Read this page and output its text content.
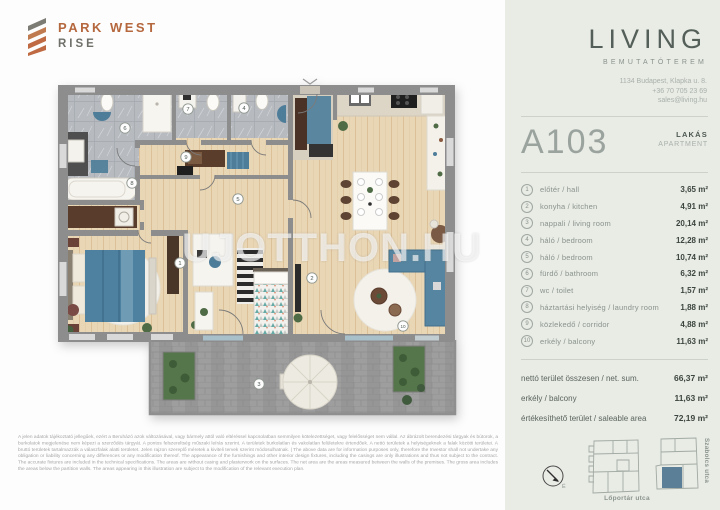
PARK WEST
RISE
1
2
3
4
5
6
7
8
9
10
UJOTTHON.HU

A jelen adatok tájékoztató jellegűek, ezért a Beruházó azok változásával, vagy bármely attól való eltéréssel kapcsolatban semmilyen kötelezettséget, vagy felelősséget nem vállal. Az ábrázolt berendezési tárgyak és bútorok, a burkolatok megjelenése nem képezi a szerződés tárgyát. A pontos felszereltség műszaki leírás szerint. A területek burkolatlan és vakolatlan felületekre értendőek. A nettó területek a helyiségeknek a falak közötti területei. A bruttó területek tartalmazzák a válaszfalak alatti területet. Jelen rajzon szereplő méretek a kiviteli tervek szerint módosulhatnak. | The above data are for information purposes only, therefore the Investor shall not undertake any obligation or liability concerning any differences or any modification thereof. The appearance of the furnishings and other interior design fixtures, including the casings are only illustrations and thus not subject to the contract. The accurate fixtures are included in the technical specifications. The areas are without casing and plasterwork on the surfaces. The net area are the areas measured between the walls of the premises. The gross area includes the areas below the partition walls. The areas appearing in this illustration are subject to the modification of the relevant execution plan.

LIVING
BEMUTATÓTEREM
1134 Budapest, Klapka u. 8.
+36 70 705 23 69
sales@living.hu
A103	LAKÁS
APARTMENT
1	előtér / hall	3,65 m²
2	konyha / kitchen	4,91 m²
3	nappali / living room	20,14 m²
4	háló / bedroom	12,28 m²
5	háló / bedroom	10,74 m²
6	fürdő / bathroom	6,32 m²
7	wc / toilet	1,57 m²
8	háztartási helyiség / laundry room	1,88 m²
9	közlekedő / corridor	4,88 m²
10	erkély / balcony	11,63 m²
nettó terület összesen / net. sum.	66,37 m²
erkély / balcony	11,63 m²
értékesíthető terület / saleable area	72,19 m²
É
Szabolcs utca
Lőportár utca
